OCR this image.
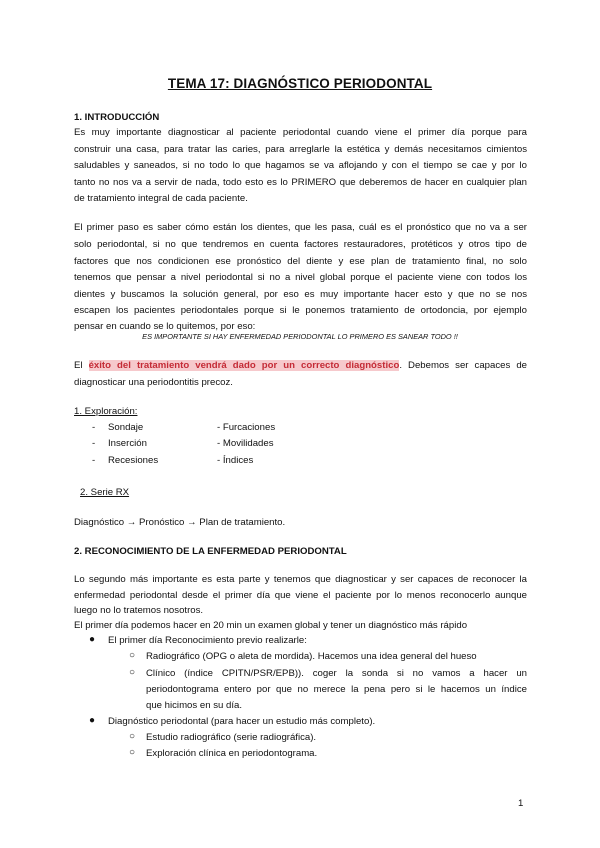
TEMA 17: DIAGNÓSTICO PERIODONTAL
1. INTRODUCCIÓN
Es muy importante diagnosticar al paciente periodontal cuando viene el primer día porque para
construir una casa, para tratar las caries, para arreglarle la estética y demás necesitamos cimientos
saludables y saneados, si no todo lo que hagamos se va aflojando y con el tiempo se cae y por lo
tanto no nos va a servir de nada, todo esto es lo PRIMERO que deberemos de hacer en cualquier plan
de tratamiento integral de cada paciente.
El primer paso es saber cómo están los dientes, que les pasa, cuál es el pronóstico que no va a ser
solo periodontal, si no que tendremos en cuenta factores restauradores, protéticos y otros tipo de
factores que nos condicionen ese pronóstico del diente y ese plan de tratamiento final, no solo
tenemos que pensar a nivel periodontal si no a nivel global porque el paciente viene con todos los
dientes y buscamos la solución general, por eso es muy importante hacer esto y que no se nos
escapen los pacientes periodontales porque si le ponemos tratamiento de ortodoncia, por ejemplo
pensar en cuando se lo quitemos, por eso:
ES IMPORTANTE SI HAY ENFERMEDAD PERIODONTAL LO PRIMERO ES SANEAR TODO !!
El éxito del tratamiento vendrá dado por un correcto diagnóstico. Debemos ser capaces de
diagnosticar una periodontitis precoz.
1. Exploración:
- Sondaje	- Furcaciones
- Inserción	- Movilidades
- Recesiones	- Índices
2. Serie RX
Diagnóstico → Pronóstico → Plan de tratamiento.
2. RECONOCIMIENTO DE LA ENFERMEDAD PERIODONTAL
Lo segundo más importante es esta parte y tenemos que diagnosticar y ser capaces de reconocer la
enfermedad periodontal desde el primer día que viene el paciente por lo menos reconocerlo aunque
luego no lo tratemos nosotros.
El primer día podemos hacer en 20 min un examen global y tener un diagnóstico más rápido
● El primer día Reconocimiento previo realizarle:
○ Radiográfico (OPG o aleta de mordida). Hacemos una idea general del hueso
○ Clínico (índice CPITN/PSR/EPB)). coger la sonda si no vamos a hacer un
periodontograma entero por que no merece la pena pero si le hacemos un índice
que hicimos en su día.
● Diagnóstico periodontal (para hacer un estudio más completo).
○ Estudio radiográfico (serie radiográfica).
○ Exploración clínica en periodontograma.
1
